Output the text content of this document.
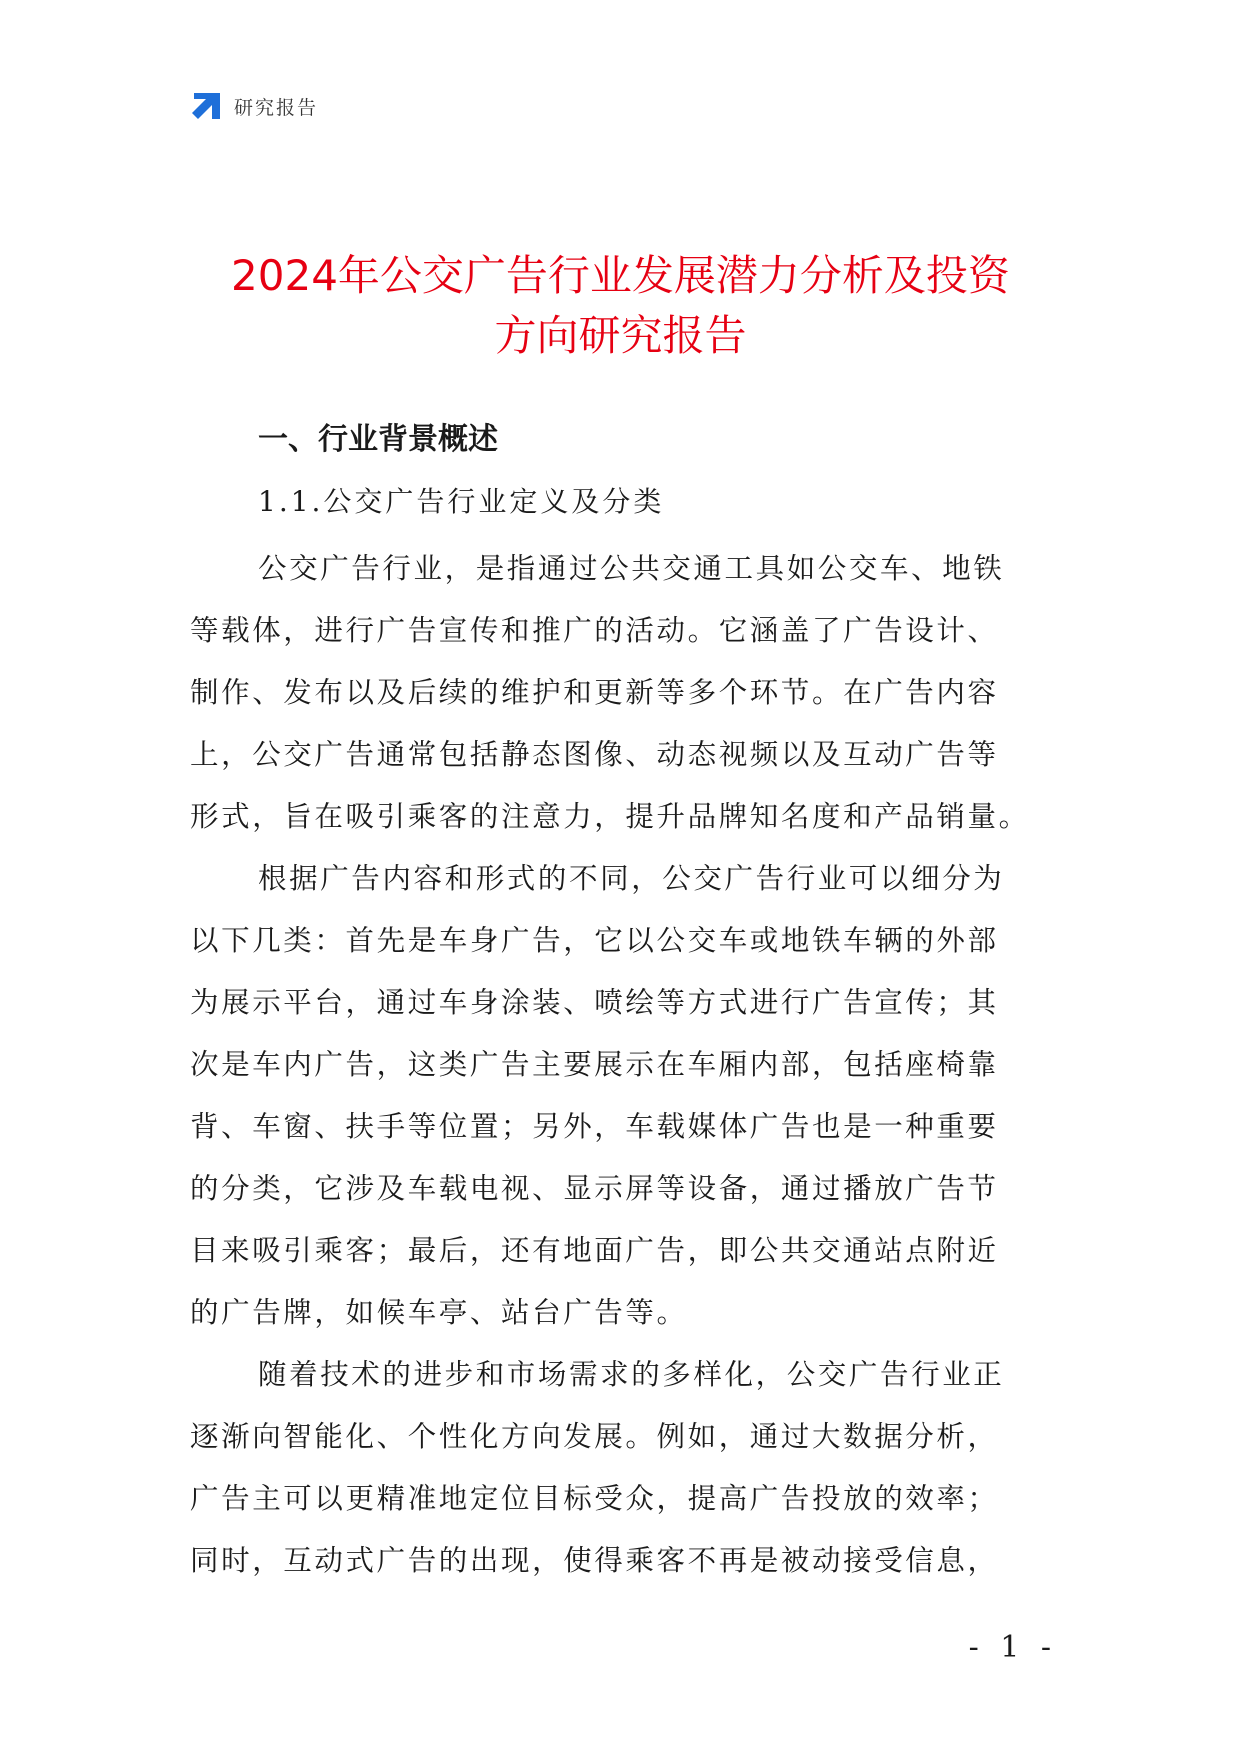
研究报告
2024年公交广告行业发展潜力分析及投资
方向研究报告
一、行业背景概述
1.1.公交广告行业定义及分类
公交广告行业，是指通过公共交通工具如公交车、地铁
等载体，进行广告宣传和推广的活动。它涵盖了广告设计、
制作、发布以及后续的维护和更新等多个环节。在广告内容
上，公交广告通常包括静态图像、动态视频以及互动广告等
形式，旨在吸引乘客的注意力，提升品牌知名度和产品销量。
根据广告内容和形式的不同，公交广告行业可以细分为
以下几类：首先是车身广告，它以公交车或地铁车辆的外部
为展示平台，通过车身涂装、喷绘等方式进行广告宣传；其
次是车内广告，这类广告主要展示在车厢内部，包括座椅靠
背、车窗、扶手等位置；另外，车载媒体广告也是一种重要
的分类，它涉及车载电视、显示屏等设备，通过播放广告节
目来吸引乘客；最后，还有地面广告，即公共交通站点附近
的广告牌，如候车亭、站台广告等。
随着技术的进步和市场需求的多样化，公交广告行业正
逐渐向智能化、个性化方向发展。例如，通过大数据分析，
广告主可以更精准地定位目标受众，提高广告投放的效率；
同时，互动式广告的出现，使得乘客不再是被动接受信息，
- 1 -
